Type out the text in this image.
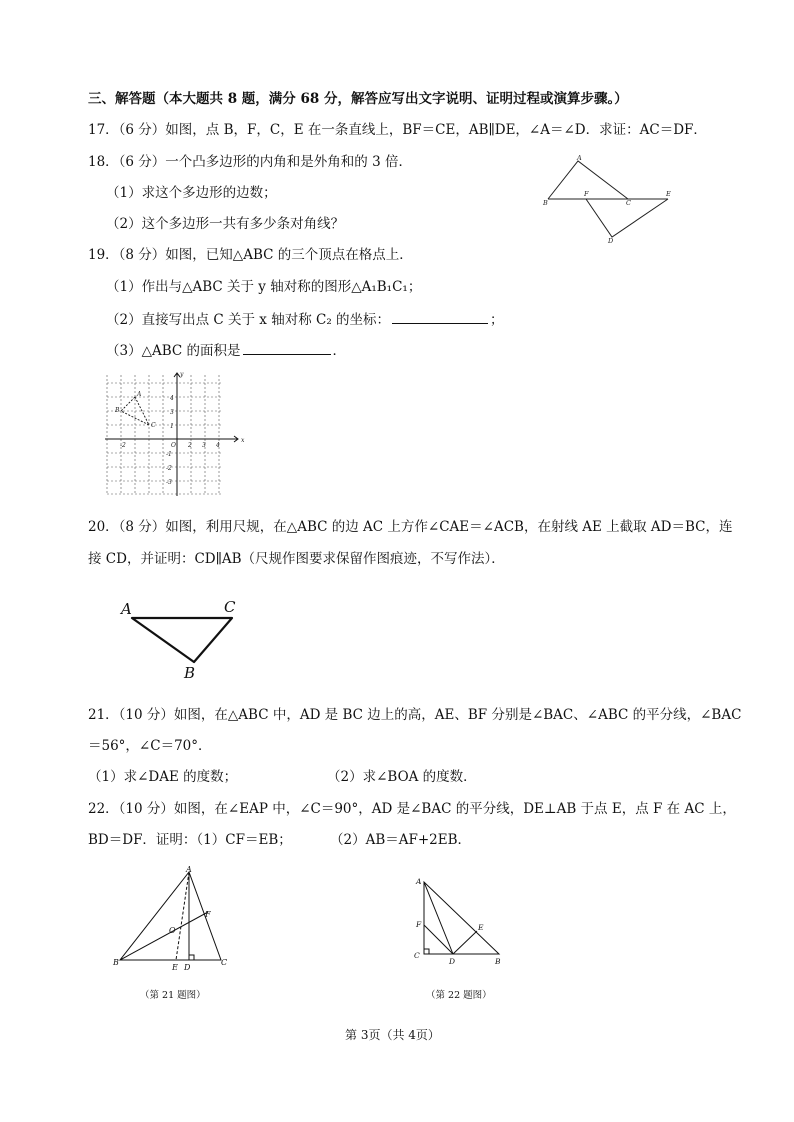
三、解答题（本大题共 8 题，满分 68 分，解答应写出文字说明、证明过程或演算步骤。）
17．（6 分）如图，点 B，F，C，E 在一条直线上，BF＝CE，AB∥DE，∠A＝∠D．求证：AC＝DF．
18．（6 分）一个凸多边形的内角和是外角和的 3 倍．
（1）求这个多边形的边数；
（2）这个多边形一共有多少条对角线？
A
B
F
C
E
D
19．（8 分）如图，已知△ABC 的三个顶点在格点上．
（1）作出与△ABC 关于 y 轴对称的图形△A₁B₁C₁；
（2）直接写出点 C 关于 x 轴对称 C₂ 的坐标：	；
（3）△ABC 的面积是	．
x
y
O
-2	2 3 4
4
3
1
-1
-2
-3
A
B
C
20．（8 分）如图，利用尺规，在△ABC 的边 AC 上方作∠CAE＝∠ACB，在射线 AE 上截取 AD＝BC，连
接 CD，并证明：CD∥AB（尺规作图要求保留作图痕迹，不写作法）．
A	C
B
21．（10 分）如图，在△ABC 中，AD 是 BC 边上的高，AE、BF 分别是∠BAC、∠ABC 的平分线，∠BAC
＝56°，∠C＝70°．
（1）求∠DAE 的度数；	（2）求∠BOA 的度数．
22．（10 分）如图，在∠EAP 中，∠C＝90°，AD 是∠BAC 的平分线，DE⊥AB 于点 E，点 F 在 AC 上，
BD＝DF．证明：（1）CF＝EB；	（2）AB＝AF+2EB．
A
B	C
D
E
F
O
（第 21 题图）
A
C
D	B
F	E
（第 22 题图）
第 3页（共 4页）
